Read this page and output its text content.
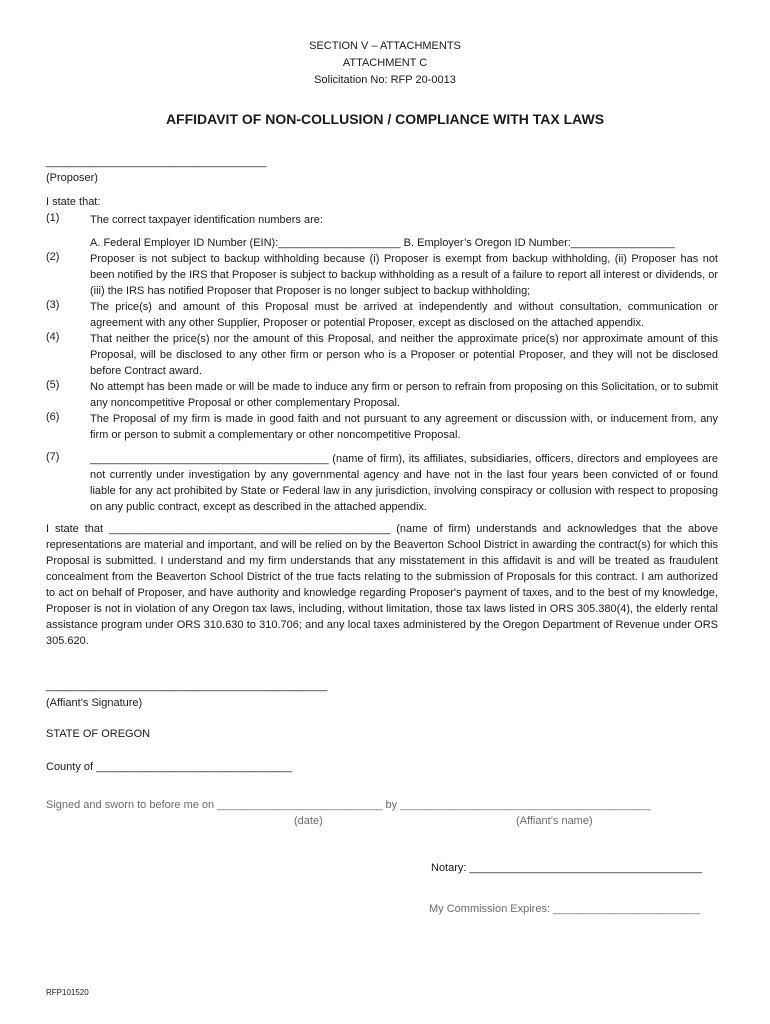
SECTION V – ATTACHMENTS
ATTACHMENT C
Solicitation No: RFP 20-0013
AFFIDAVIT OF NON-COLLUSION / COMPLIANCE WITH TAX LAWS
____________________________________
(Proposer)
I state that:
(1)	The correct taxpayer identification numbers are:
A. Federal Employer ID Number (EIN):____________________ B. Employer’s Oregon ID Number:_________________
(2)	Proposer is not subject to backup withholding because (i) Proposer is exempt from backup withholding, (ii) Proposer has not been notified by the IRS that Proposer is subject to backup withholding as a result of a failure to report all interest or dividends, or (iii) the IRS has notified Proposer that Proposer is no longer subject to backup withholding;
(3)	The price(s) and amount of this Proposal must be arrived at independently and without consultation, communication or agreement with any other Supplier, Proposer or potential Proposer, except as disclosed on the attached appendix.
(4)	That neither the price(s) nor the amount of this Proposal, and neither the approximate price(s) nor approximate amount of this Proposal, will be disclosed to any other firm or person who is a Proposer or potential Proposer, and they will not be disclosed before Contract award.
(5)	No attempt has been made or will be made to induce any firm or person to refrain from proposing on this Solicitation, or to submit any noncompetitive Proposal or other complementary Proposal.
(6)	The Proposal of my firm is made in good faith and not pursuant to any agreement or discussion with, or inducement from, any firm or person to submit a complementary or other noncompetitive Proposal.
(7)	_______________________________________ (name of firm), its affiliates, subsidiaries, officers, directors and employees are not currently under investigation by any governmental agency and have not in the last four years been convicted of or found liable for any act prohibited by State or Federal law in any jurisdiction, involving conspiracy or collusion with respect to proposing on any public contract, except as described in the attached appendix.
I state that ______________________________________________ (name of firm) understands and acknowledges that the above representations are material and important, and will be relied on by the Beaverton School District in awarding the contract(s) for which this Proposal is submitted. I understand and my firm understands that any misstatement in this affidavit is and will be treated as fraudulent concealment from the Beaverton School District of the true facts relating to the submission of Proposals for this contract. I am authorized to act on behalf of Proposer, and have authority and knowledge regarding Proposer's payment of taxes, and to the best of my knowledge, Proposer is not in violation of any Oregon tax laws, including, without limitation, those tax laws listed in ORS 305.380(4), the elderly rental assistance program under ORS 310.630 to 310.706; and any local taxes administered by the Oregon Department of Revenue under ORS 305.620.
______________________________________________
(Affiant’s Signature)
STATE OF OREGON
County of ________________________________
Signed and sworn to before me on ___________________________ by _________________________________________
(date)	(Affiant’s name)
Notary: ______________________________________
My Commission Expires: ________________________
RFP101520
